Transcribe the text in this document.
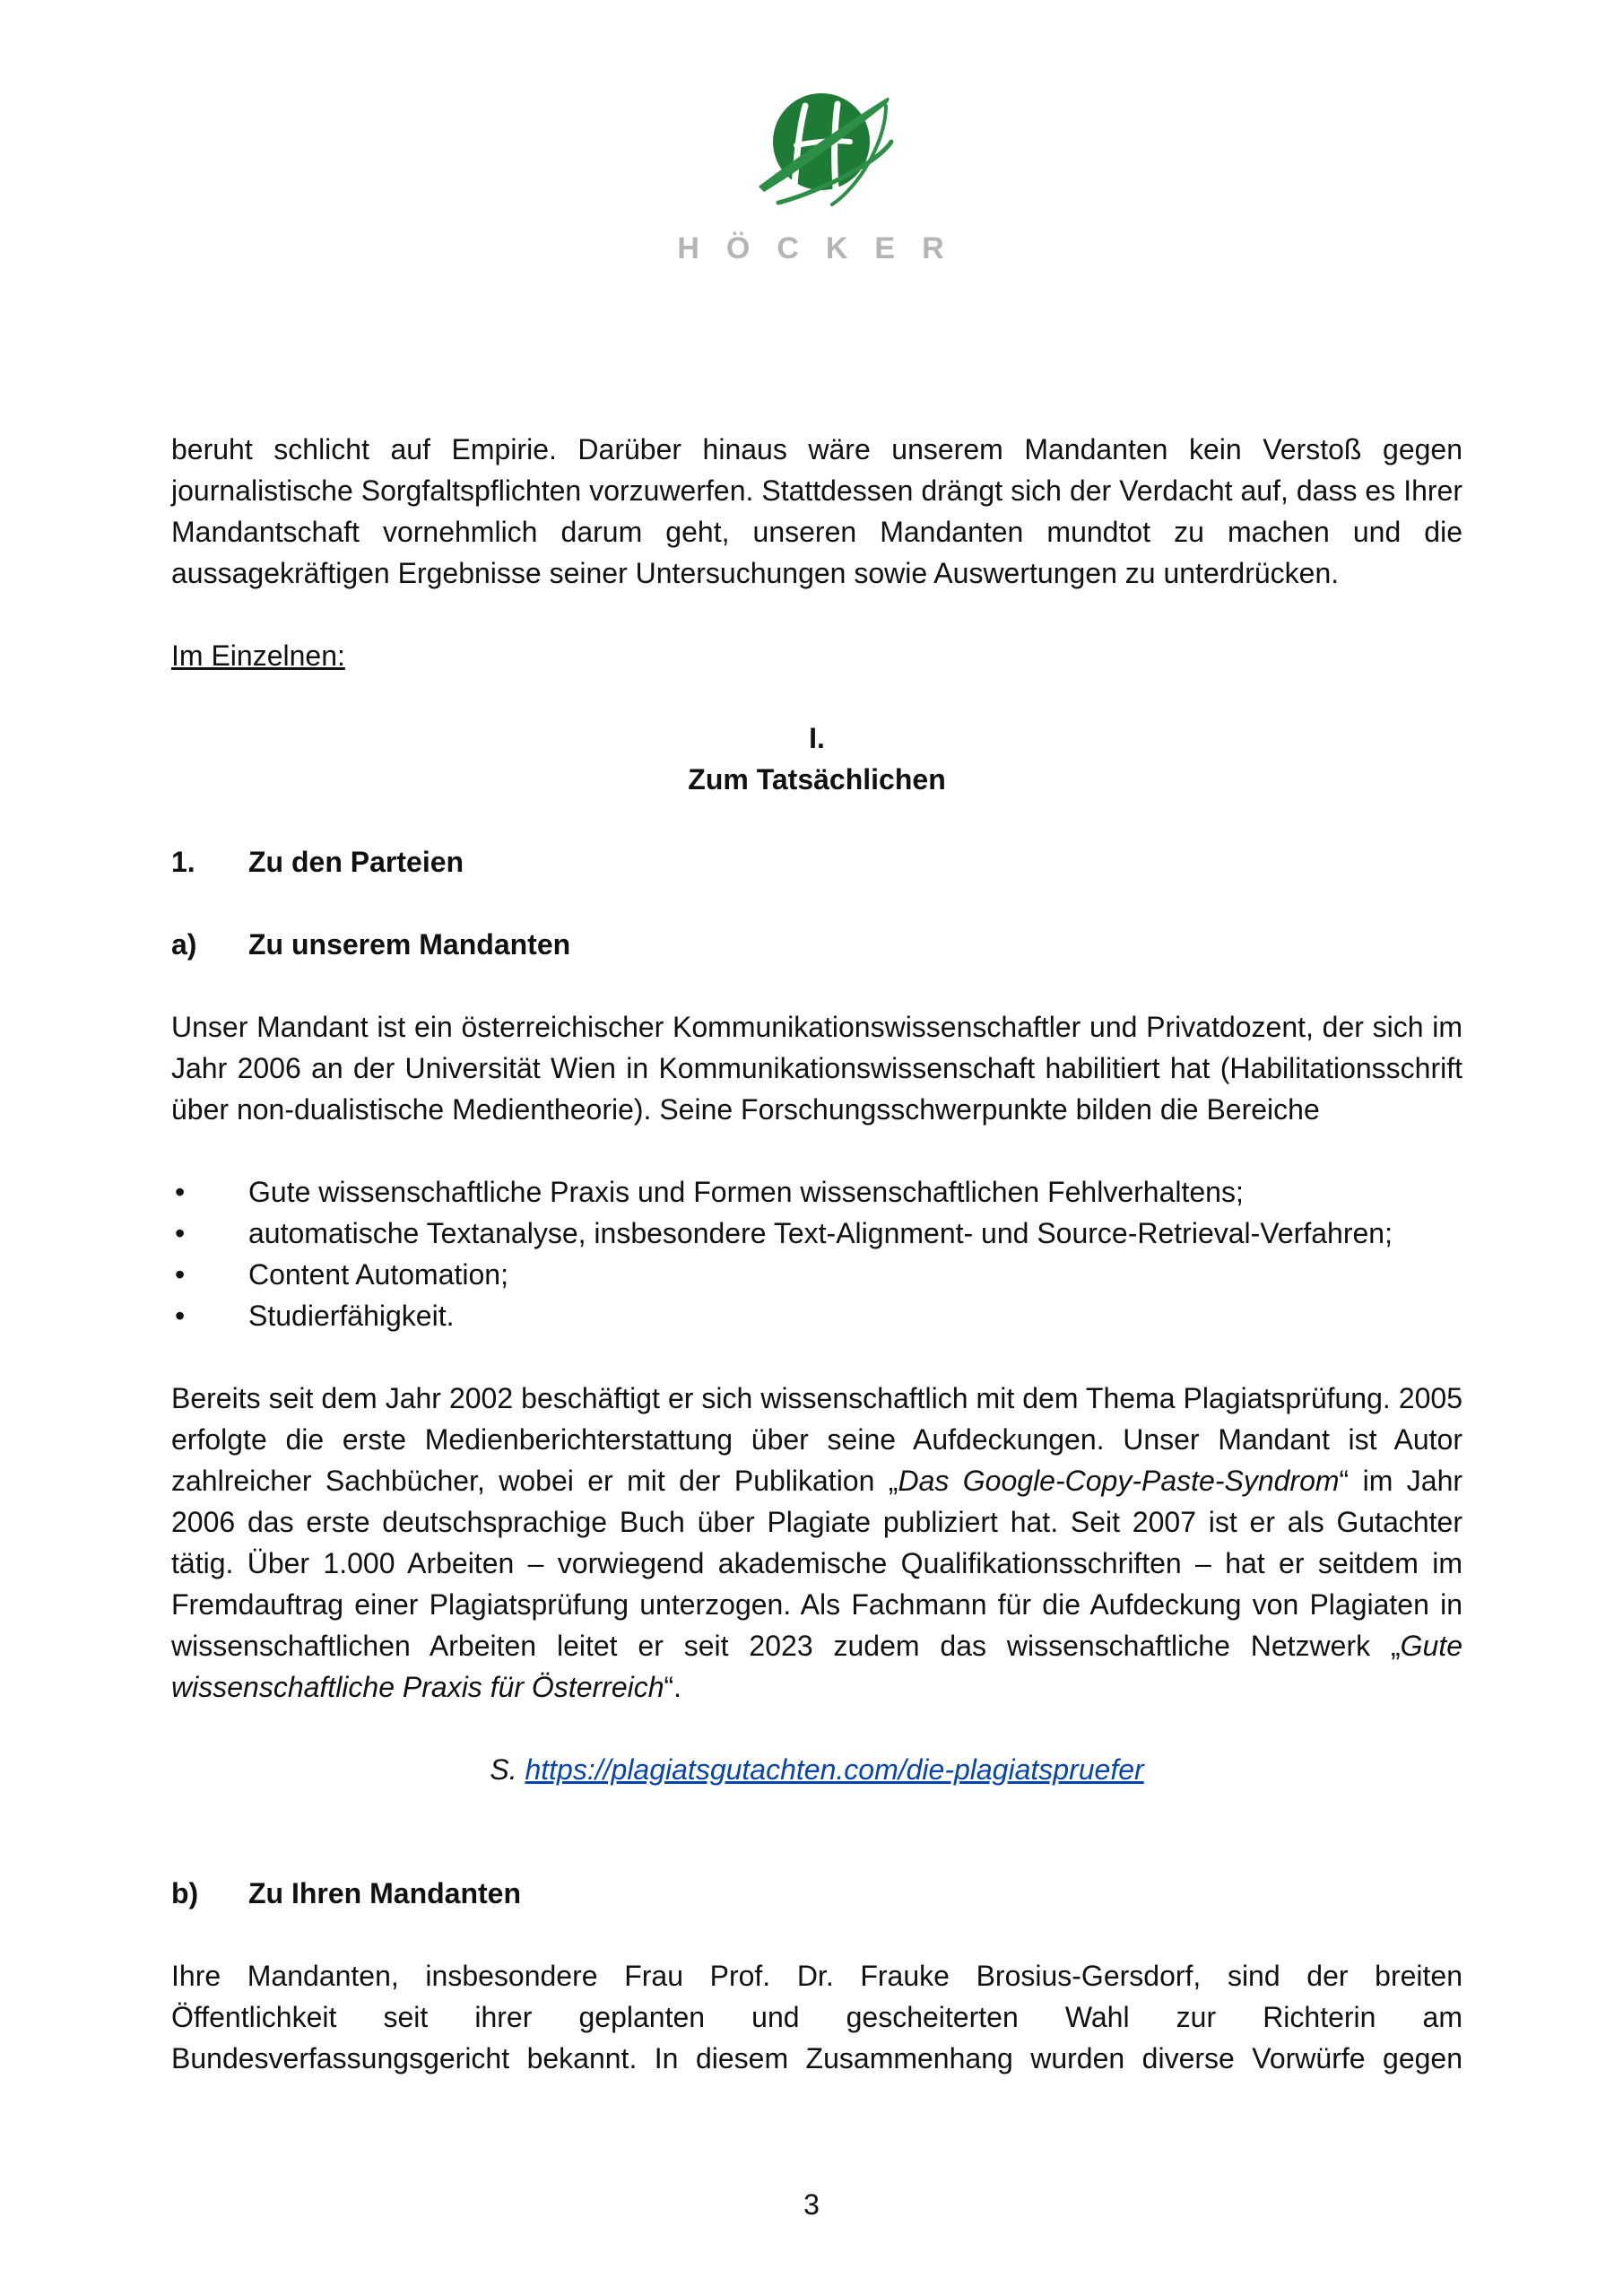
HÖCKER

beruht schlicht auf Empirie. Darüber hinaus wäre unserem Mandanten kein Verstoß gegen journalistische Sorgfaltspflichten vorzuwerfen. Stattdessen drängt sich der Verdacht auf, dass es Ihrer Mandantschaft vornehmlich darum geht, unseren Mandanten mundtot zu machen und die aussagekräftigen Ergebnisse seiner Untersuchungen sowie Auswertungen zu unterdrücken.

Im Einzelnen:

I.

Zum Tatsächlichen

1.	Zu den Parteien

a)	Zu unserem Mandanten

Unser Mandant ist ein österreichischer Kommunikationswissenschaftler und Privatdozent, der sich im Jahr 2006 an der Universität Wien in Kommunikationswissenschaft habilitiert hat (Habilitationsschrift über non-dualistische Medientheorie). Seine Forschungsschwerpunkte bilden die Bereiche

•	Gute wissenschaftliche Praxis und Formen wissenschaftlichen Fehlverhaltens;
•	automatische Textanalyse, insbesondere Text-Alignment- und Source-Retrieval-Verfahren;
•	Content Automation;
•	Studierfähigkeit.

Bereits seit dem Jahr 2002 beschäftigt er sich wissenschaftlich mit dem Thema Plagiatsprüfung. 2005 erfolgte die erste Medienberichterstattung über seine Aufdeckungen. Unser Mandant ist Autor zahlreicher Sachbücher, wobei er mit der Publikation „Das Google-Copy-Paste-Syndrom“ im Jahr 2006 das erste deutschsprachige Buch über Plagiate publiziert hat. Seit 2007 ist er als Gutachter tätig. Über 1.000 Arbeiten – vorwiegend akademische Qualifikationsschriften – hat er seitdem im Fremdauftrag einer Plagiatsprüfung unterzogen. Als Fachmann für die Aufdeckung von Plagiaten in wissenschaftlichen Arbeiten leitet er seit 2023 zudem das wissenschaftliche Netzwerk „Gute wissenschaftliche Praxis für Österreich“.

S. https://plagiatsgutachten.com/die-plagiatspruefer

b)	Zu Ihren Mandanten

Ihre Mandanten, insbesondere Frau Prof. Dr. Frauke Brosius-Gersdorf, sind der breiten

Öffentlichkeit seit ihrer geplanten und gescheiterten Wahl zur Richterin am

Bundesverfassungsgericht bekannt. In diesem Zusammenhang wurden diverse Vorwürfe gegen

3
